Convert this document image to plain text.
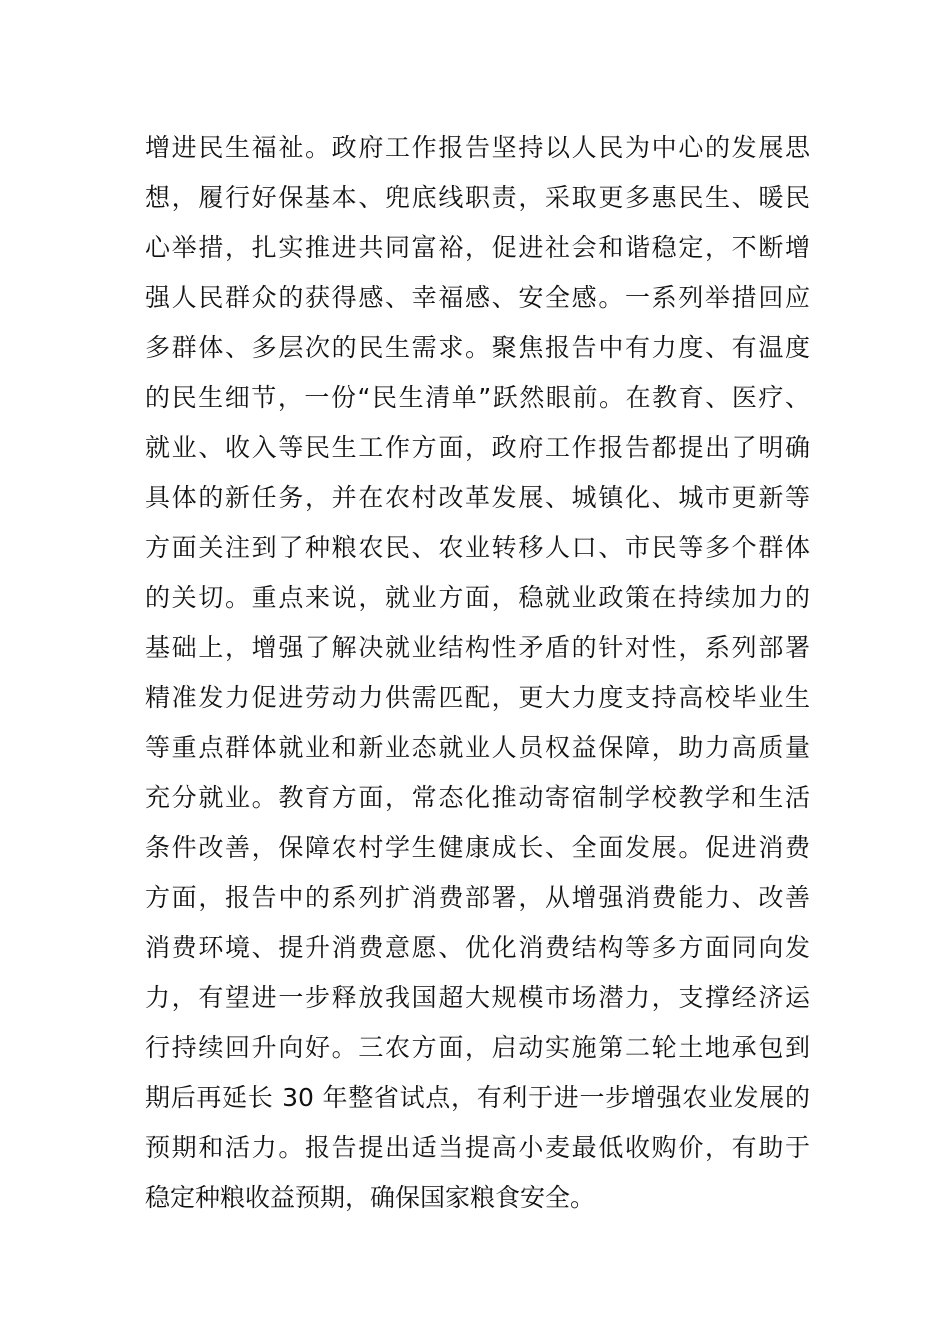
增进民生福祉。政府工作报告坚持以人民为中心的发展思
想，履行好保基本、兜底线职责，采取更多惠民生、暖民
心举措，扎实推进共同富裕，促进社会和谐稳定，不断增
强人民群众的获得感、幸福感、安全感。一系列举措回应
多群体、多层次的民生需求。聚焦报告中有力度、有温度
的民生细节，一份“民生清单”跃然眼前。在教育、医疗、
就业、收入等民生工作方面，政府工作报告都提出了明确
具体的新任务，并在农村改革发展、城镇化、城市更新等
方面关注到了种粮农民、农业转移人口、市民等多个群体
的关切。重点来说，就业方面，稳就业政策在持续加力的
基础上，增强了解决就业结构性矛盾的针对性，系列部署
精准发力促进劳动力供需匹配，更大力度支持高校毕业生
等重点群体就业和新业态就业人员权益保障，助力高质量
充分就业。教育方面，常态化推动寄宿制学校教学和生活
条件改善，保障农村学生健康成长、全面发展。促进消费
方面，报告中的系列扩消费部署，从增强消费能力、改善
消费环境、提升消费意愿、优化消费结构等多方面同向发
力，有望进一步释放我国超大规模市场潜力，支撑经济运
行持续回升向好。三农方面，启动实施第二轮土地承包到
期后再延长 30 年整省试点，有利于进一步增强农业发展的
预期和活力。报告提出适当提高小麦最低收购价，有助于
稳定种粮收益预期，确保国家粮食安全。
